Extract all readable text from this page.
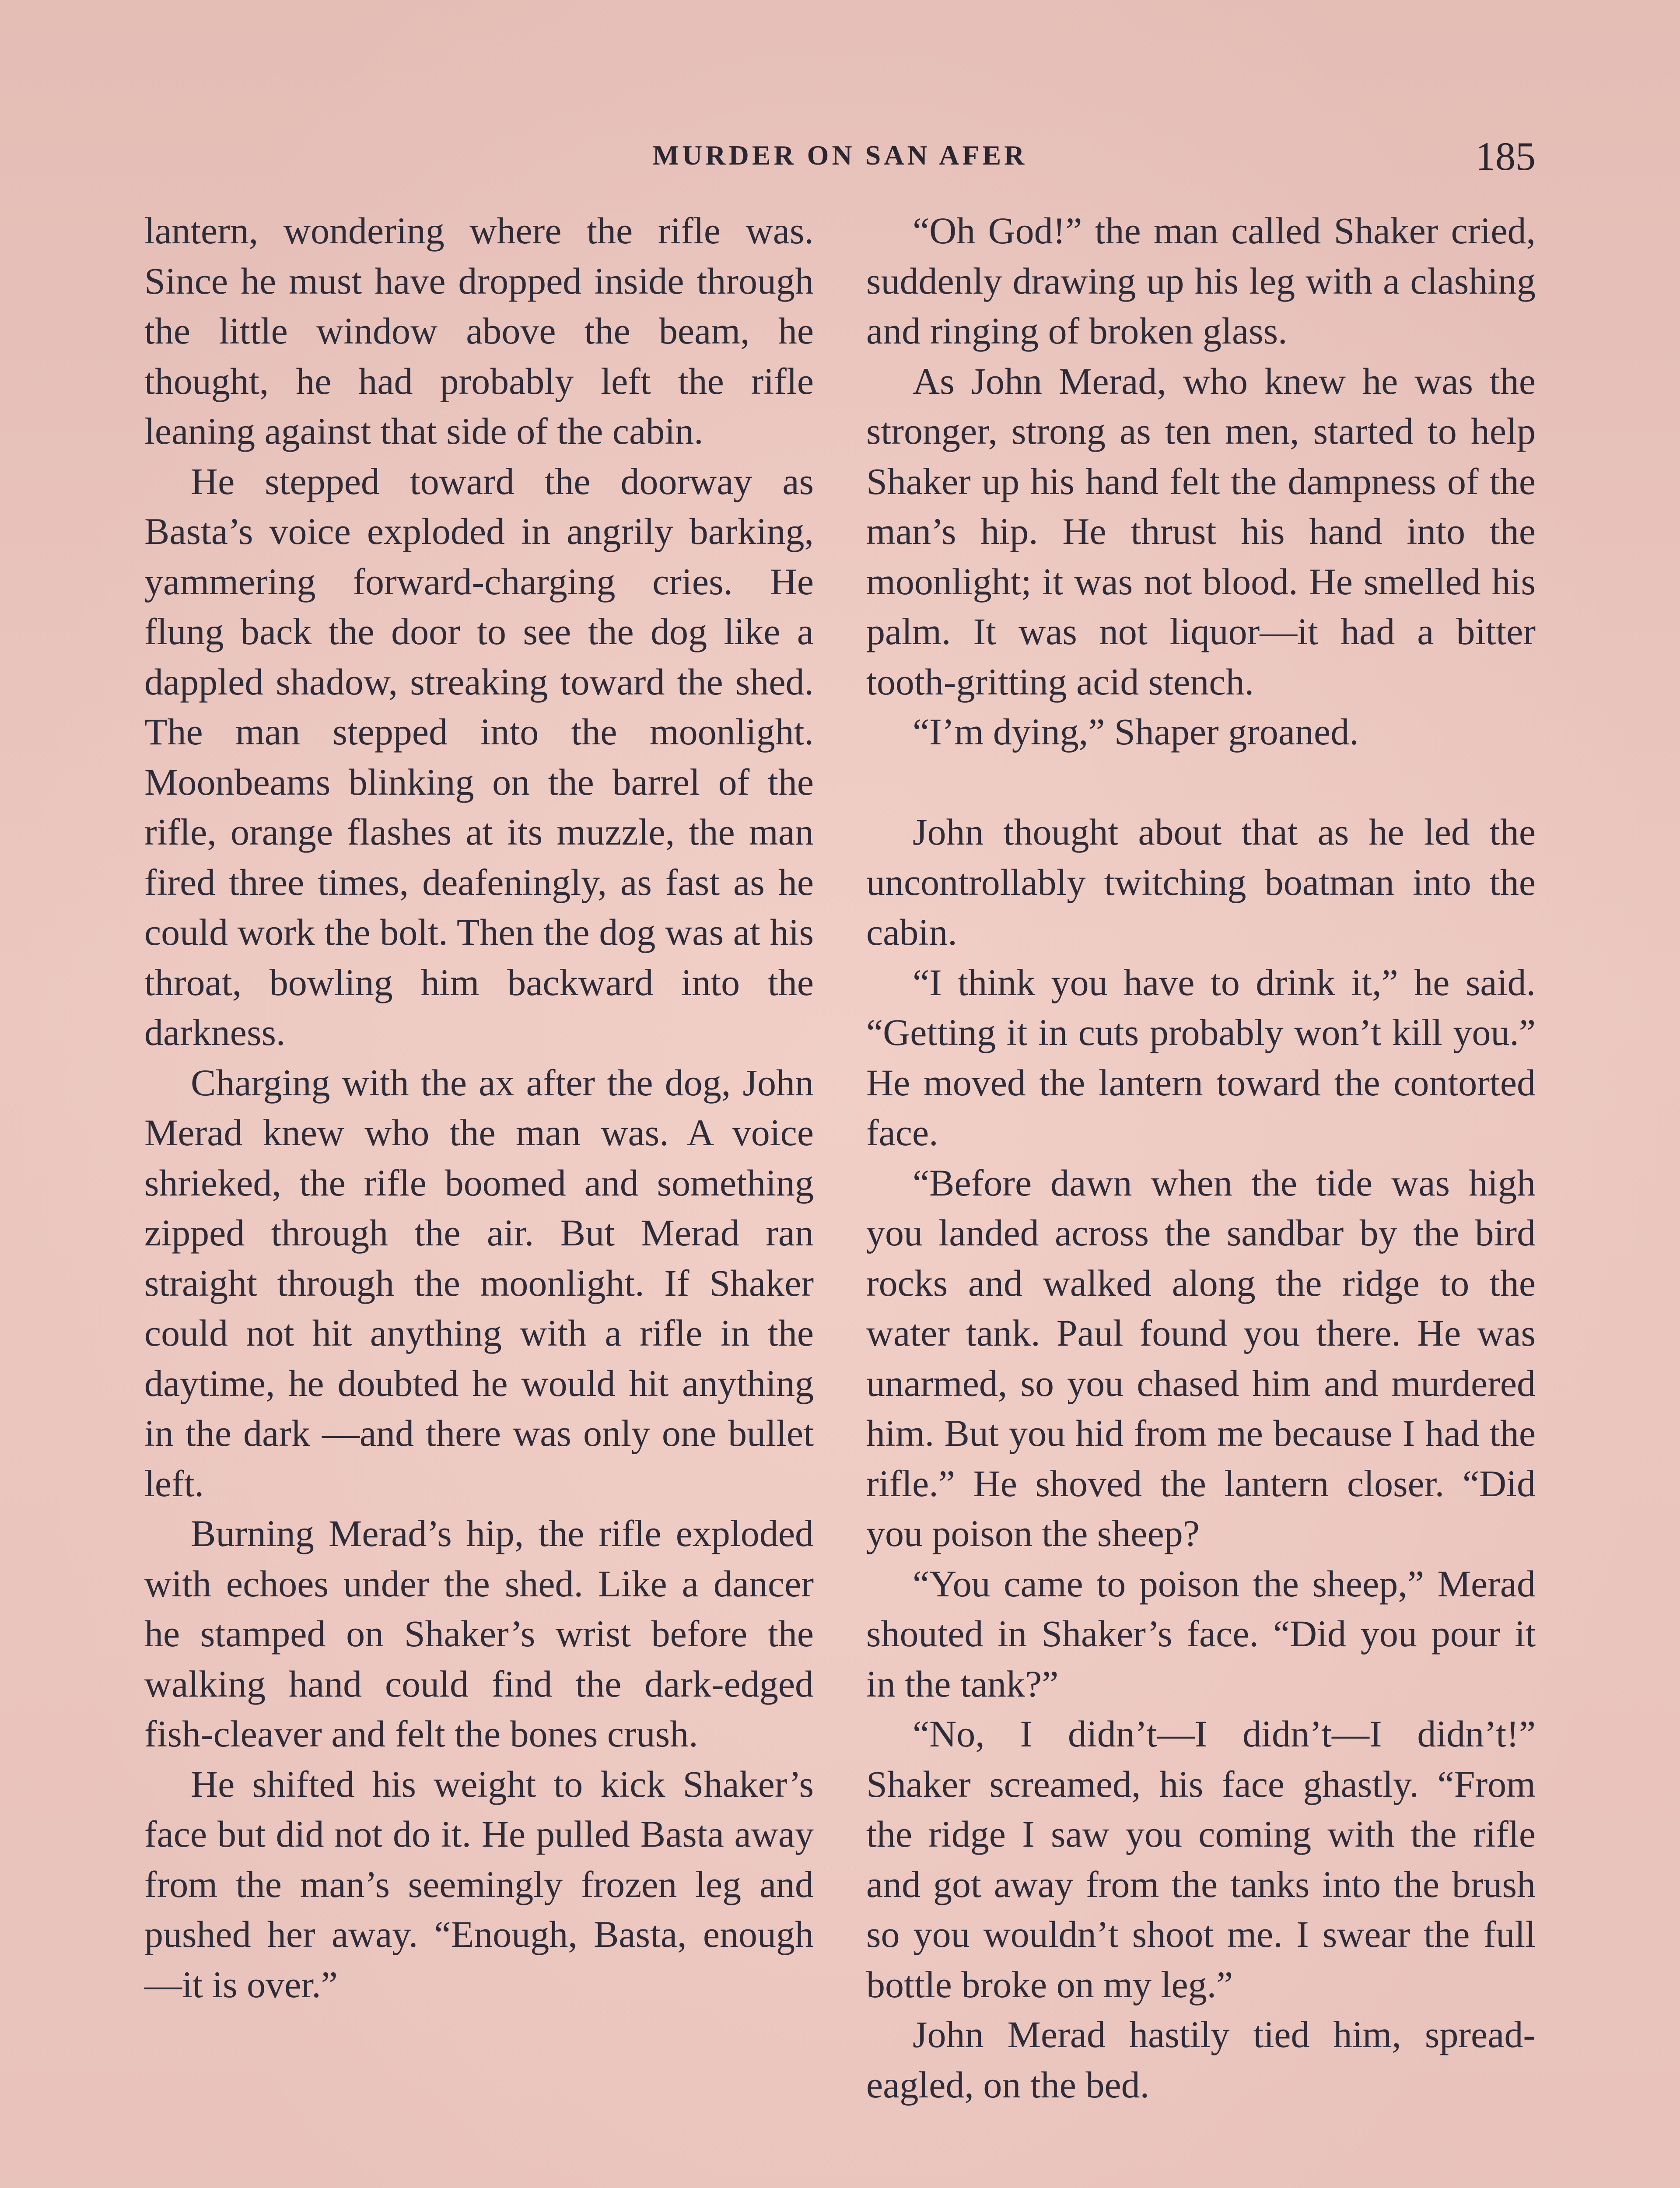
MURDER ON SAN AFER	185

lantern, wondering where the rifle was. Since he must have dropped inside through the little window above the beam, he thought, he had probably left the rifle leaning against that side of the cabin.

He stepped toward the doorway as Basta’s voice exploded in angrily barking, yammering forward-charging cries. He flung back the door to see the dog like a dappled shadow, streaking toward the shed. The man stepped into the moonlight. Moonbeams blinking on the barrel of the rifle, orange flashes at its muzzle, the man fired three times, deafeningly, as fast as he could work the bolt. Then the dog was at his throat, bowling him backward into the darkness.

Charging with the ax after the dog, John Merad knew who the man was. A voice shrieked, the rifle boomed and something zipped through the air. But Merad ran straight through the moonlight. If Shaker could not hit anything with a rifle in the daytime, he doubted he would hit anything in the dark —and there was only one bullet left.

Burning Merad’s hip, the rifle exploded with echoes under the shed. Like a dancer he stamped on Shaker’s wrist before the walking hand could find the dark-edged fish-cleaver and felt the bones crush.

He shifted his weight to kick Shaker’s face but did not do it. He pulled Basta away from the man’s seemingly frozen leg and pushed her away. “Enough, Basta, enough—it is over.”

“Oh God!” the man called Shaker cried, suddenly drawing up his leg with a clashing and ringing of broken glass.

As John Merad, who knew he was the stronger, strong as ten men, started to help Shaker up his hand felt the dampness of the man’s hip. He thrust his hand into the moonlight; it was not blood. He smelled his palm. It was not liquor—it had a bitter tooth-gritting acid stench.

“I’m dying,” Shaper groaned.

John thought about that as he led the uncontrollably twitching boatman into the cabin.

“I think you have to drink it,” he said. “Getting it in cuts probably won’t kill you.” He moved the lantern toward the contorted face.

“Before dawn when the tide was high you landed across the sandbar by the bird rocks and walked along the ridge to the water tank. Paul found you there. He was unarmed, so you chased him and murdered him. But you hid from me because I had the rifle.” He shoved the lantern closer. “Did you poison the sheep?

“You came to poison the sheep,” Merad shouted in Shaker’s face. “Did you pour it in the tank?”

“No, I didn’t—I didn’t—I didn’t!” Shaker screamed, his face ghastly. “From the ridge I saw you coming with the rifle and got away from the tanks into the brush so you wouldn’t shoot me. I swear the full bottle broke on my leg.”

John Merad hastily tied him, spread-eagled, on the bed.
